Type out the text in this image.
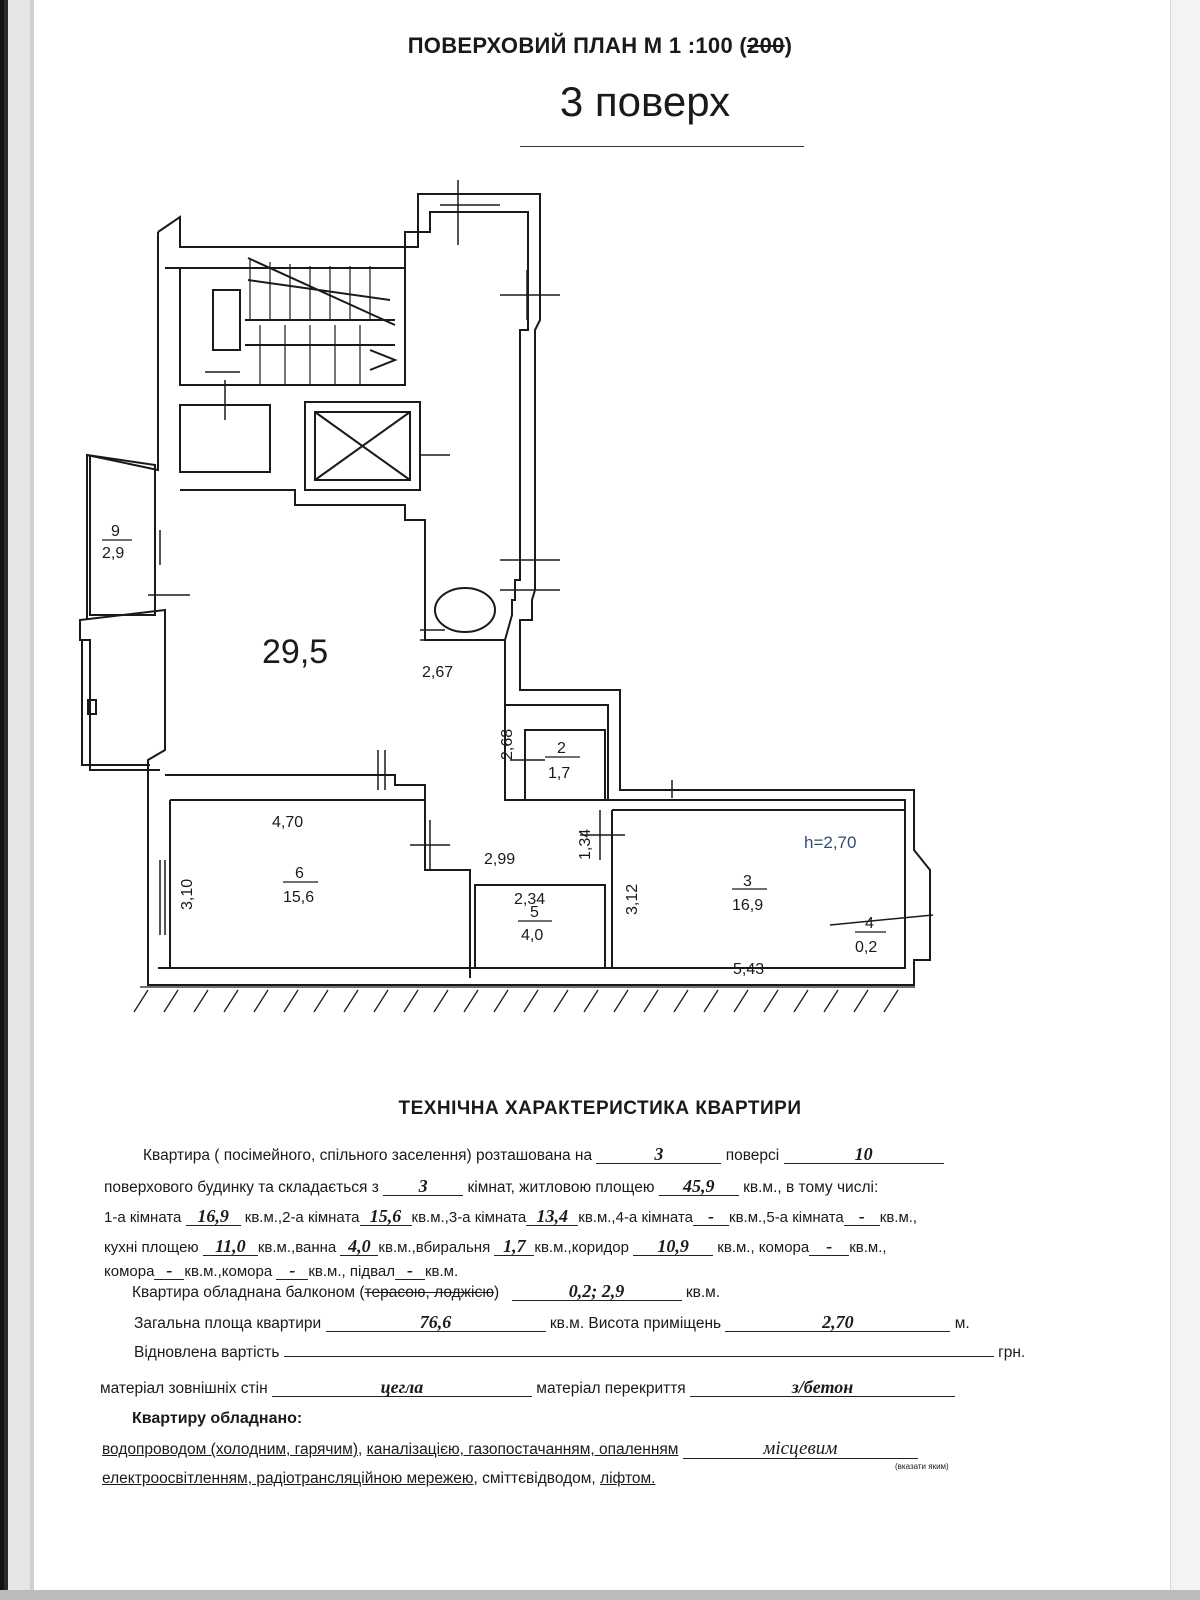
ПОВЕРХОВИЙ ПЛАН М 1 :100 (200)
3 поверх
29,5
9
2,9
2,67
2,68	2
1,7
4,70
1,34	h=2,70
2,99
2,34
3,10
6
15,6
5
4,0
3,12
3
16,9
4
0,2
5,43
ТЕХНІЧНА ХАРАКТЕРИСТИКА КВАРТИРИ
Квартира ( посімейного, спільного заселення) розташована на	3	поверсі	10
поверхового будинку та складається з 3	кімнат, житловою площею 45,9 кв.м., в тому числі:
1-а кімната 16,9 кв.м.,2-а кімната 15,6 кв.м.,3-а кімната 13,4 кв.м.,4-а кімната - кв.м.,5-а кімната - кв.м.,
кухні площею 11,0 кв.м.,ванна 4,0 кв.м.,вбиральня 1,7 кв.м.,коридор 10,9 кв.м., комора - кв.м.,
комора - кв.м.,комора - кв.м., підвал - кв.м.
Квартира обладнана балконом (терасою, лоджією)	0,2; 2,9	кв.м.
Загальна площа квартири	76,6	кв.м. Висота приміщень	2,70	м.
Відновлена вартість	грн.
матеріал зовнішніх стін	цегла	матеріал перекриття	з/бетон
Квартиру обладнано:
водопроводом (холодним, гарячим), каналізацією, газопостачанням, опаленням	місцевим
(вказати яким)
електроосвітленням, радіотрансляційною мережею, сміттєвідводом, ліфтом.
